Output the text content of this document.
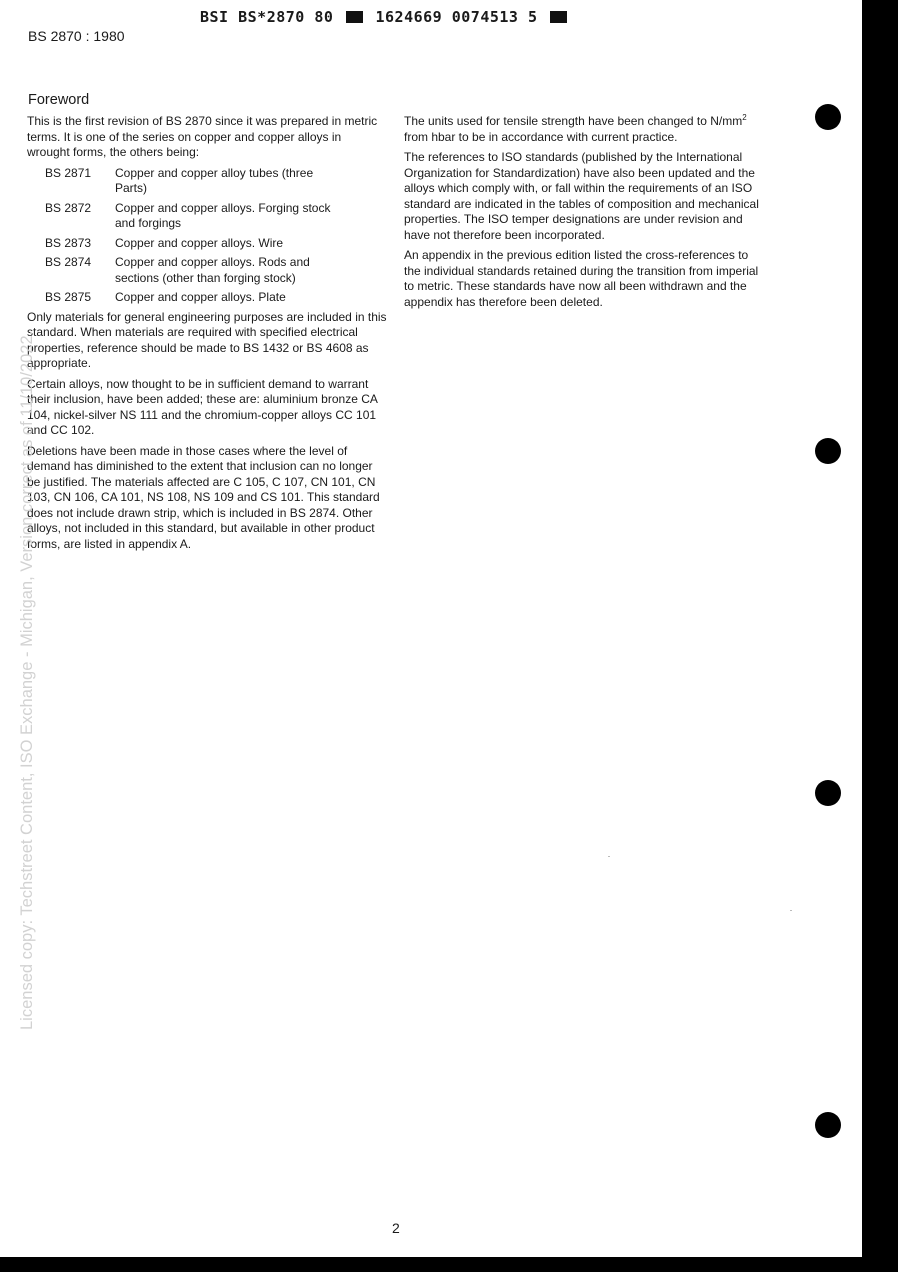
BSI BS*2870 80	1624669 0074513 5
BS 2870 : 1980
Foreword

This is the first revision of BS 2870 since it was prepared in metric terms. It is one of the series on copper and copper alloys in wrought forms, the others being:

BS 2871	Copper and copper alloy tubes (three Parts)
BS 2872	Copper and copper alloys. Forging stock and forgings
BS 2873	Copper and copper alloys. Wire
BS 2874	Copper and copper alloys. Rods and sections (other than forging stock)
BS 2875	Copper and copper alloys. Plate

Only materials for general engineering purposes are included in this standard. When materials are required with specified electrical properties, reference should be made to BS 1432 or BS 4608 as appropriate.

Certain alloys, now thought to be in sufficient demand to warrant their inclusion, have been added; these are: aluminium bronze CA 104, nickel-silver NS 111 and the chromium-copper alloys CC 101 and CC 102.

Deletions have been made in those cases where the level of demand has diminished to the extent that inclusion can no longer be justified. The materials affected are C 105, C 107, CN 101, CN 103, CN 106, CA 101, NS 108, NS 109 and CS 101. This standard does not include drawn strip, which is included in BS 2874. Other alloys, not included in this standard, but available in other product forms, are listed in appendix A.

The units used for tensile strength have been changed to $N/mm^2$ from hbar to be in accordance with current practice.

The references to ISO standards (published by the International Organization for Standardization) have also been updated and the alloys which comply with, or fall within the requirements of an ISO standard are indicated in the tables of composition and mechanical properties. The ISO temper designations are under revision and have not therefore been incorporated.

An appendix in the previous edition listed the cross-references to the individual standards retained during the transition from imperial to metric. These standards have now all been withdrawn and the appendix has therefore been deleted.

Licensed copy: Techstreet Content, ISO Exchange - Michigan, Version correct as of 11/10/2022.
2
